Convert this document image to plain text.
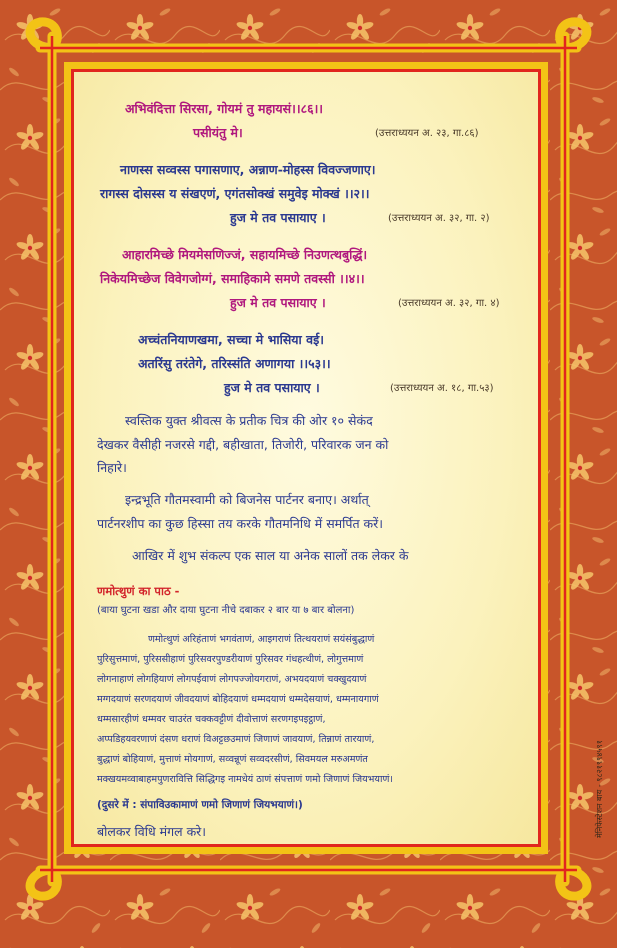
अभिवंदित्ता सिरसा, गोयमं तु महायसं।।८६।।
पसीयंतु मे।	(उत्तराध्ययन अ. २३, गा.८६)
नाणस्स सव्वस्स पगासणाए, अन्नाण-मोहस्स विवज्जणाए।
रागस्स दोसस्स य संखएणं, एगंतसोक्खं समुवेइ मोक्खं ।।२।।
हुज मे तव पसायाए ।	(उत्तराध्ययन अ. ३२, गा. २)
आहारमिच्छे मियमेसणिज्जं, सहायमिच्छे निउणत्थबुद्धिं।
निकेयमिच्छेज विवेगजोग्गं, समाहिकामे समणे तवस्सी ।।४।।
हुज मे तव पसायाए ।	(उत्तराध्ययन अ. ३२, गा. ४)
अच्चंतनियाणखमा, सच्चा मे भासिया वई।
अतरिंसु तरंतेगे, तरिस्संति अणागया ।।५३।।
हुज मे तव पसायाए ।	(उत्तराध्ययन अ. १८, गा.५३)
स्वस्तिक युक्त श्रीवत्स के प्रतीक चित्र की ओर १० सेकंद
देखकर वैसीही नजरसे गद्दी, बहीखाता, तिजोरी, परिवारक जन को
निहारे।
इन्द्रभूति गौतमस्वामी को बिजनेस पार्टनर बनाए। अर्थात्
पार्टनरशीप का कुछ हिस्सा तय करके गौतमनिधि में समर्पित करें।
आखिर में शुभ संकल्प एक साल या अनेक सालों तक लेकर के
णमोत्थुणं का पाठ -
(बाया घुटना खडा और दाया घुटना नीचे दबाकर २ बार या ७ बार बोलना)
णमोत्थुणं अरिहंताणं भगवंताणं, आइगराणं तित्थयराणं सयंसंबुद्धाणं
पुरिसुत्तमाणं, पुरिससीहाणं पुरिसवरपुण्डरीयाणं पुरिसवर गंधहत्थीणं, लोगुत्तमाणं
लोगनाहाणं लोगहियाणं लोगपईवाणं लोगपज्जोयगराणं, अभयदयाणं चक्खुदयाणं
मग्गदयाणं सरणदयाणं जीवदयाणं बोहिदयाणं धम्मदयाणं धम्मदेसयाणं, धम्मनायगाणं
धम्मसारहीणं धम्मवर चाउरंत चक्कवट्टीणं दीवोत्ताणं सरणगइपइट्ठाणं,
अप्पडिहयवरणाणं दंसण धराणं विअट्टछउमाणं जिणाणं जावयाणं, तिन्नाणं तारयाणं,
बुद्धाणं बोहियाणं, मुत्ताणं मोयगाणं, सव्वन्नूणं सव्वदरसीणं, सिवमयल मरुअमणंत
मक्खयमव्वाबाहमपुणरावित्ति सिद्धिगइ नामधेयं ठाणं संपत्ताणं णमो जिणाणं जियभयाणं।
(दुसरे में : संपाविउकामाणं णमो जिणाणं जियभयाणं।)
बोलकर विधि मंगल करे।	मेनिफेस्टेशन बाय - ९८२१९९४५९१
